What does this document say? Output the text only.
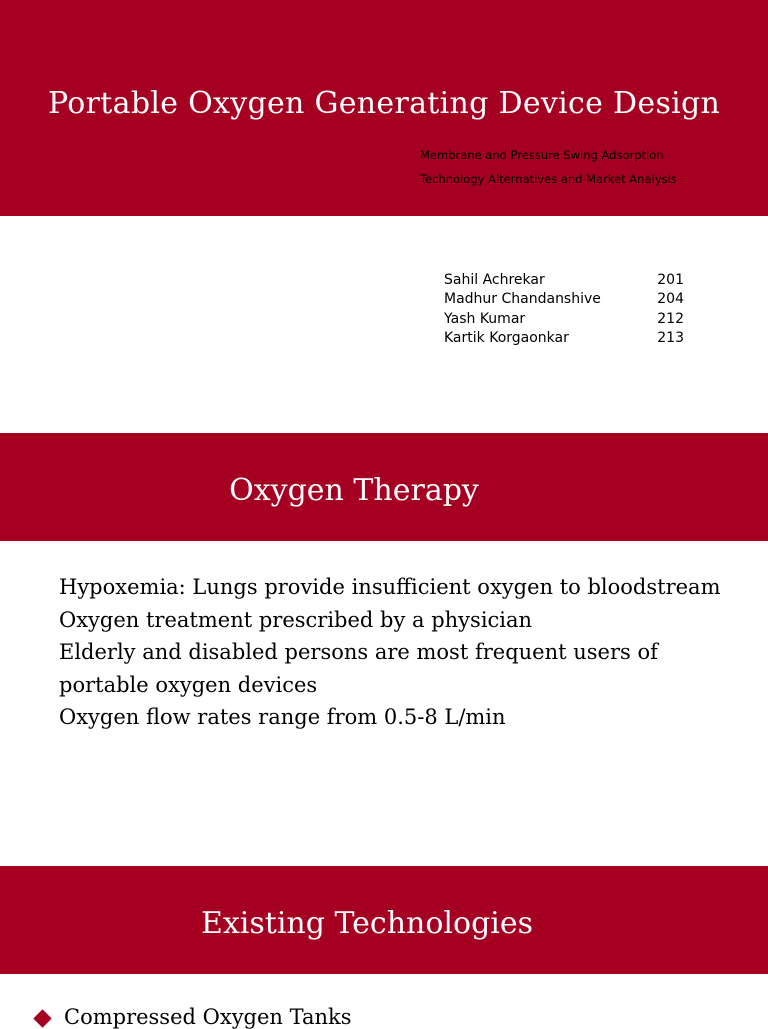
Portable Oxygen Generating Device Design
Membrane and Pressure Swing Adsorption
Technology Alternatives and Market Analysis
Sahil Achrekar	201
Madhur Chandanshive	204
Yash Kumar	212
Kartik Korgaonkar	213
Oxygen Therapy
Hypoxemia: Lungs provide insufficient oxygen to bloodstream
Oxygen treatment prescribed by a physician
Elderly and disabled persons are most frequent users of portable oxygen devices
Oxygen flow rates range from 0.5-8 L/min
Existing Technologies
Compressed Oxygen Tanks
